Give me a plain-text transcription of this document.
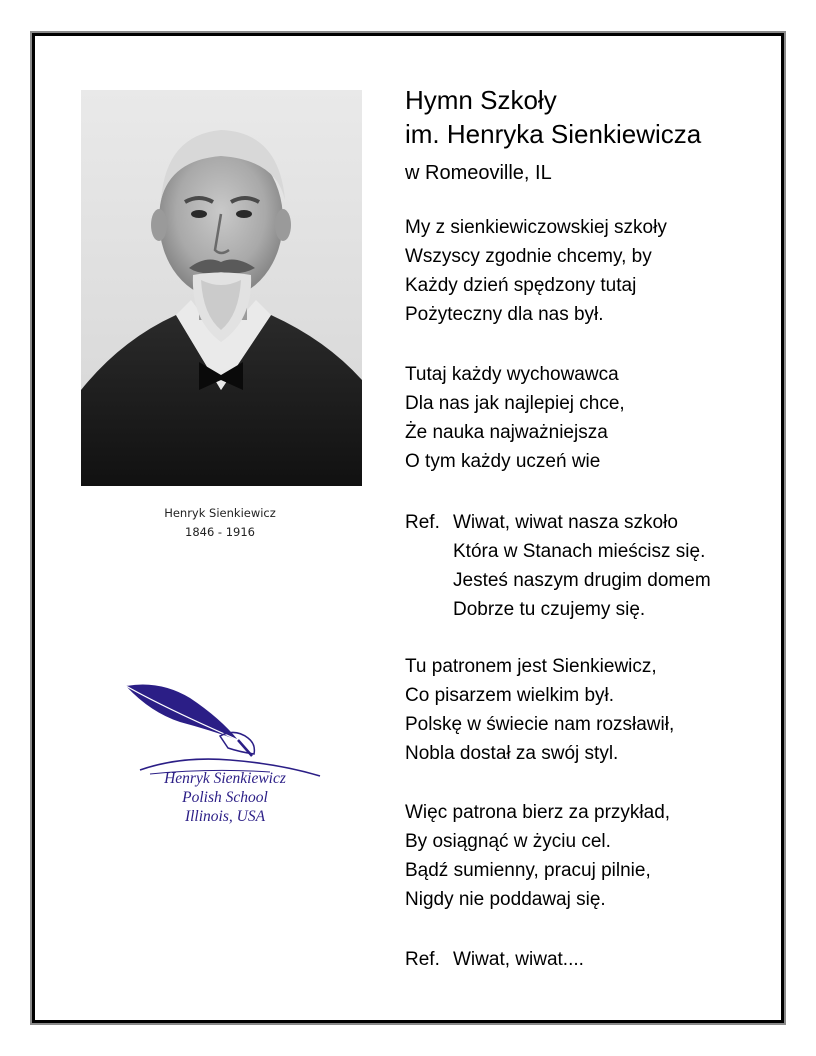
Henryk Sienkiewicz
1846 - 1916
Henryk Sienkiewicz
Polish School
Illinois, USA
Hymn Szkoły
im. Henryka Sienkiewicza
w Romeoville, IL
My z sienkiewiczowskiej szkoły
Wszyscy zgodnie chcemy, by
Każdy dzień spędzony tutaj
Pożyteczny dla nas był.
Tutaj każdy wychowawca
Dla nas jak najlepiej chce,
Że nauka najważniejsza
O tym każdy uczeń wie
Ref. Wiwat, wiwat nasza szkoło
Która w Stanach mieścisz się.
Jesteś naszym drugim domem
Dobrze tu czujemy się.
Tu patronem jest Sienkiewicz,
Co pisarzem wielkim był.
Polskę w świecie nam rozsławił,
Nobla dostał za swój styl.
Więc patrona bierz za przykład,
By osiągnąć w życiu cel.
Bądź sumienny, pracuj pilnie,
Nigdy nie poddawaj się.
Ref. Wiwat, wiwat....
